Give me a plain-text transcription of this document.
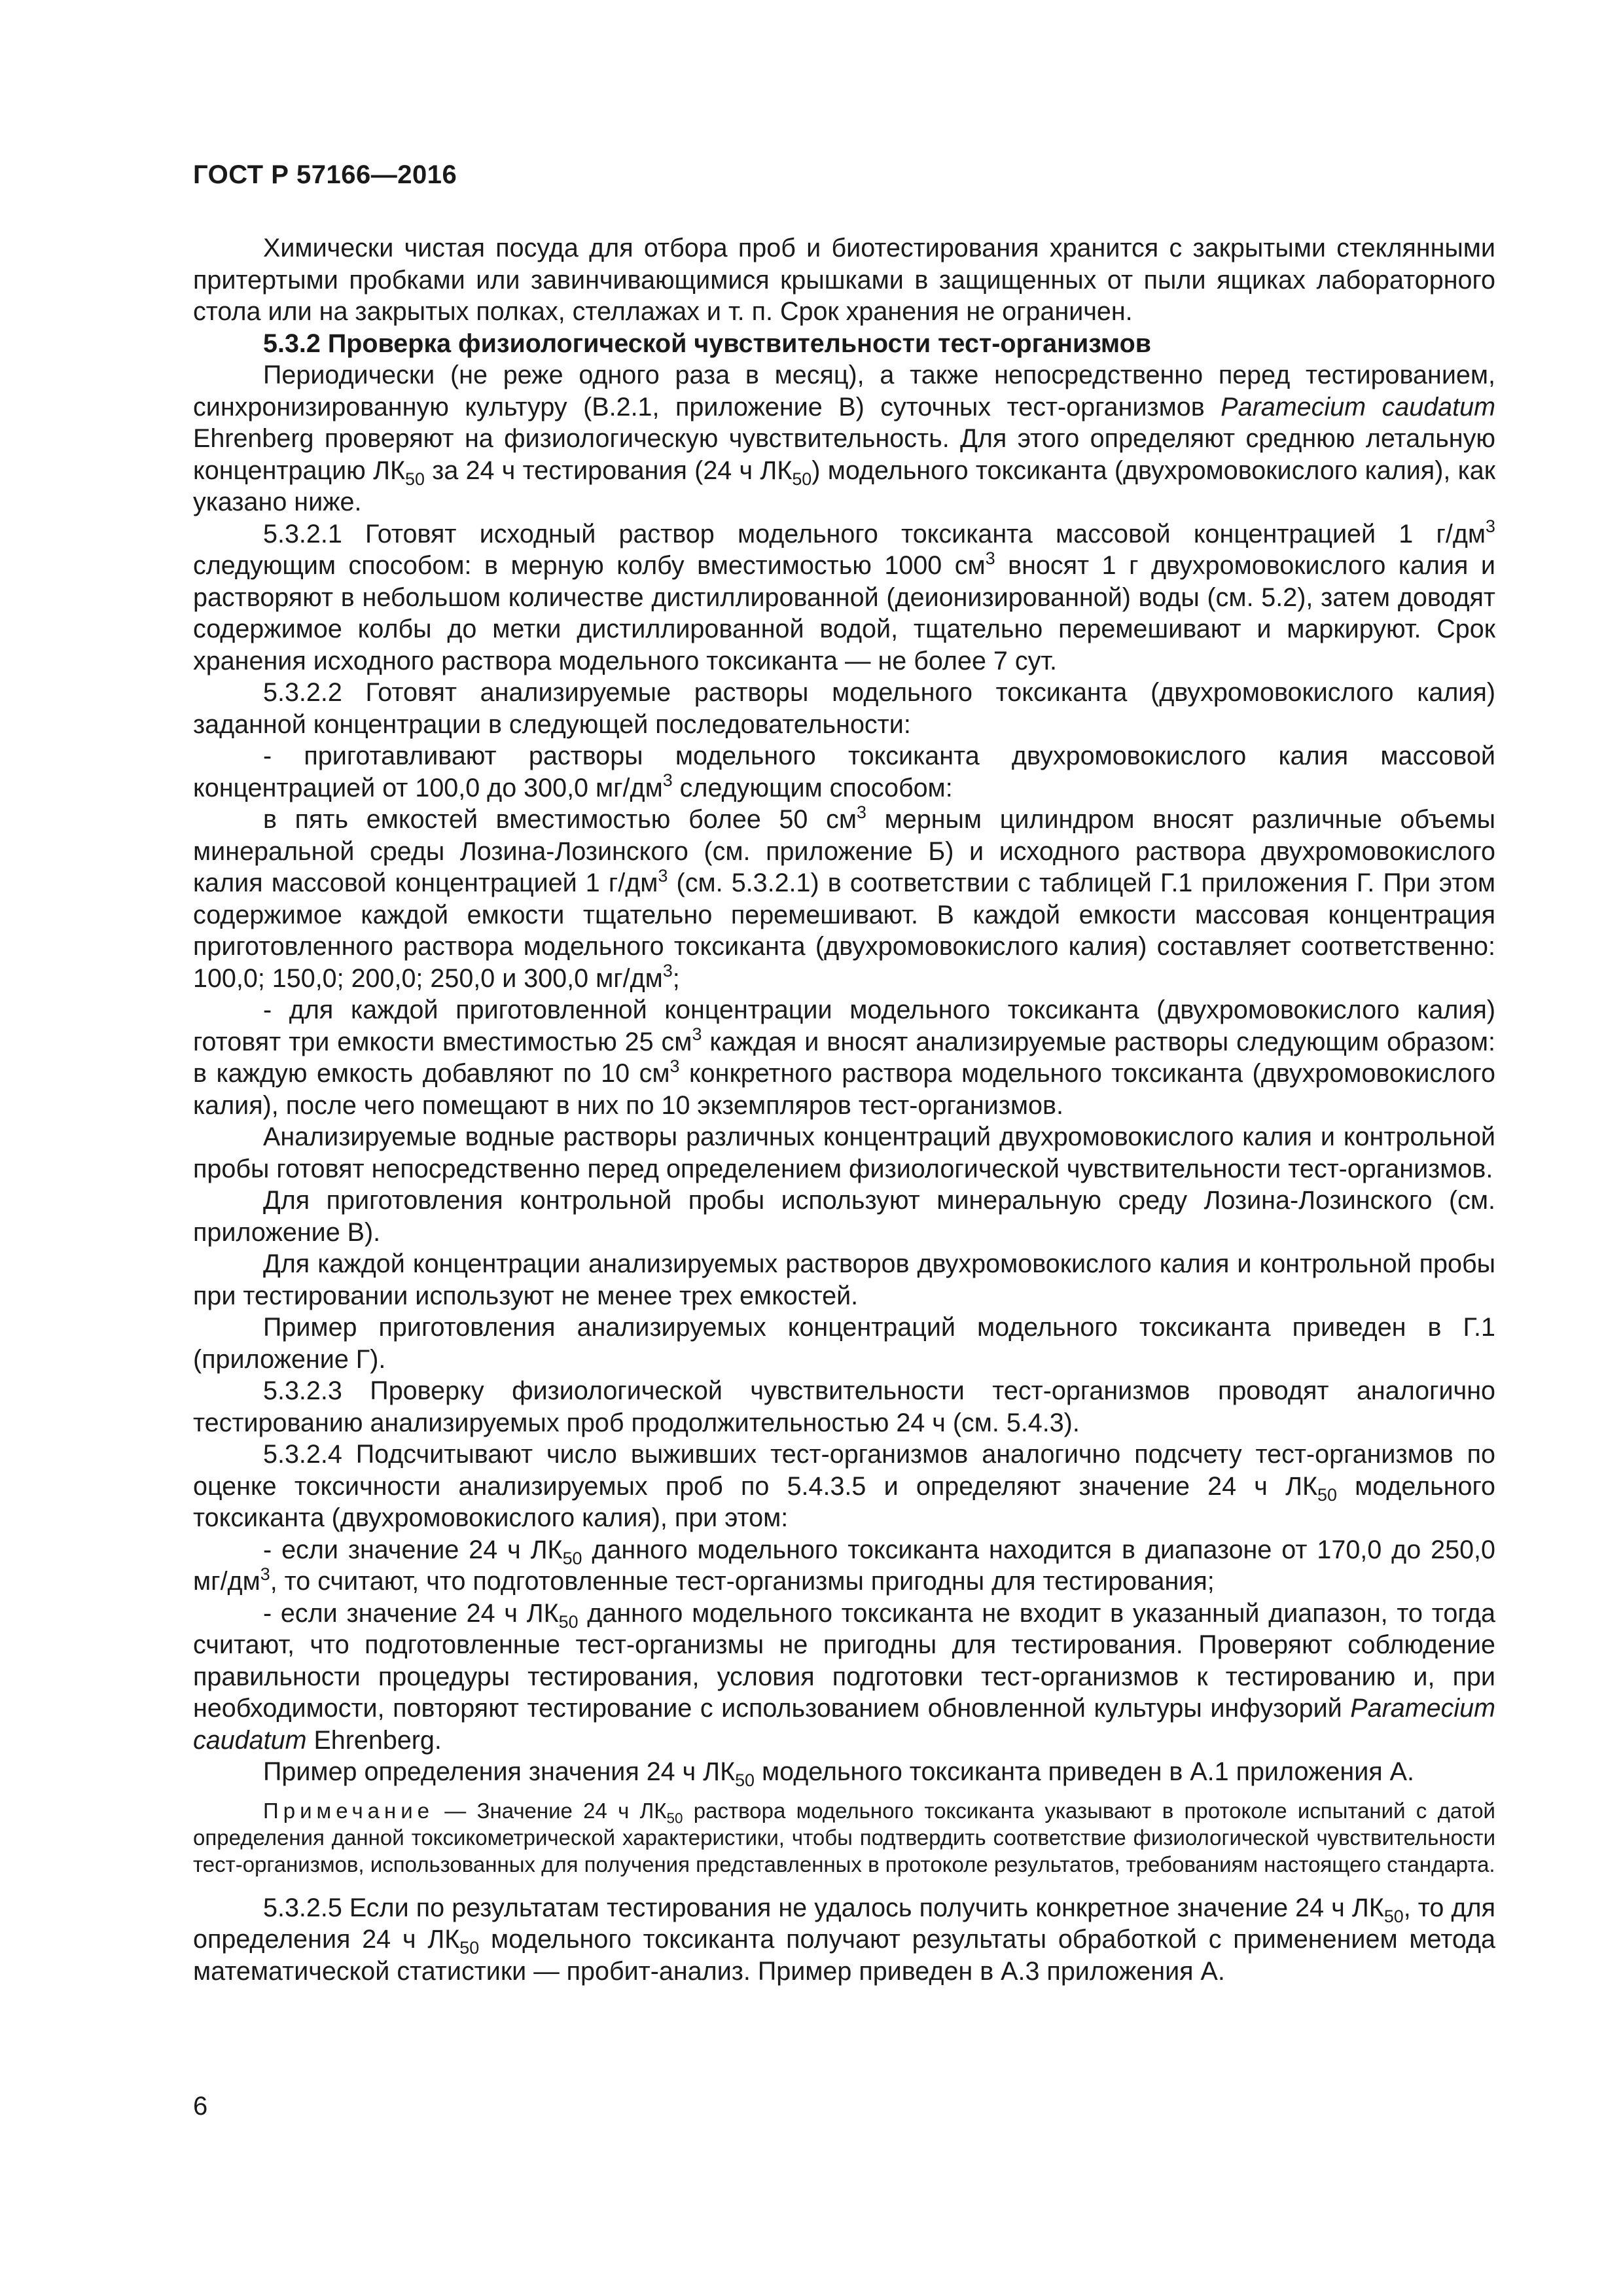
ГОСТ Р 57166—2016

Химически чистая посуда для отбора проб и биотестирования хранится с закрытыми стеклянными притертыми пробками или завинчивающимися крышками в защищенных от пыли ящиках лабораторного стола или на закрытых полках, стеллажах и т. п. Срок хранения не ограничен.

5.3.2 Проверка физиологической чувствительности тест-организмов

Периодически (не реже одного раза в месяц), а также непосредственно перед тестированием, синхронизированную культуру (В.2.1, приложение В) суточных тест-организмов Paramecium caudatum Ehrenberg проверяют на физиологическую чувствительность. Для этого определяют среднюю летальную концентрацию $ЛК_{50}$ за 24 ч тестирования (24 ч $ЛК_{50}$) модельного токсиканта (двухромовокислого калия), как указано ниже.

5.3.2.1 Готовят исходный раствор модельного токсиканта массовой концентрацией 1 $г/дм^3$ следующим способом: в мерную колбу вместимостью 1000 $см^3$ вносят 1 г двухромовокислого калия и растворяют в небольшом количестве дистиллированной (деионизированной) воды (см. 5.2), затем доводят содержимое колбы до метки дистиллированной водой, тщательно перемешивают и маркируют. Срок хранения исходного раствора модельного токсиканта — не более 7 сут.

5.3.2.2 Готовят анализируемые растворы модельного токсиканта (двухромовокислого калия) заданной концентрации в следующей последовательности:

- приготавливают растворы модельного токсиканта двухромовокислого калия массовой концентрацией от 100,0 до 300,0 $мг/дм^3$ следующим способом:

в пять емкостей вместимостью более 50 $см^3$ мерным цилиндром вносят различные объемы минеральной среды Лозина-Лозинского (см. приложение Б) и исходного раствора двухромовокислого калия массовой концентрацией 1 $г/дм^3$ (см. 5.3.2.1) в соответствии с таблицей Г.1 приложения Г. При этом содержимое каждой емкости тщательно перемешивают. В каждой емкости массовая концентрация приготовленного раствора модельного токсиканта (двухромовокислого калия) составляет соответственно: 100,0; 150,0; 200,0; 250,0 и 300,0 $мг/дм^3$;

- для каждой приготовленной концентрации модельного токсиканта (двухромовокислого калия) готовят три емкости вместимостью 25 $см^3$ каждая и вносят анализируемые растворы следующим образом: в каждую емкость добавляют по 10 $см^3$ конкретного раствора модельного токсиканта (двухромовокислого калия), после чего помещают в них по 10 экземпляров тест-организмов.

Анализируемые водные растворы различных концентраций двухромовокислого калия и контрольной пробы готовят непосредственно перед определением физиологической чувствительности тест-организмов.

Для приготовления контрольной пробы используют минеральную среду Лозина-Лозинского (см. приложение В).

Для каждой концентрации анализируемых растворов двухромовокислого калия и контрольной пробы при тестировании используют не менее трех емкостей.

Пример приготовления анализируемых концентраций модельного токсиканта приведен в Г.1 (приложение Г).

5.3.2.3 Проверку физиологической чувствительности тест-организмов проводят аналогично тестированию анализируемых проб продолжительностью 24 ч (см. 5.4.3).

5.3.2.4 Подсчитывают число выживших тест-организмов аналогично подсчету тест-организмов по оценке токсичности анализируемых проб по 5.4.3.5 и определяют значение 24 ч $ЛК_{50}$ модельного токсиканта (двухромовокислого калия), при этом:

- если значение 24 ч $ЛК_{50}$ данного модельного токсиканта находится в диапазоне от 170,0 до 250,0 $мг/дм^3$, то считают, что подготовленные тест-организмы пригодны для тестирования;

- если значение 24 ч $ЛК_{50}$ данного модельного токсиканта не входит в указанный диапазон, то тогда считают, что подготовленные тест-организмы не пригодны для тестирования. Проверяют соблюдение правильности процедуры тестирования, условия подготовки тест-организмов к тестированию и, при необходимости, повторяют тестирование с использованием обновленной культуры инфузорий Paramecium caudatum Ehrenberg.

Пример определения значения 24 ч $ЛК_{50}$ модельного токсиканта приведен в А.1 приложения А.

Примечание — Значение 24 ч $ЛК_{50}$ раствора модельного токсиканта указывают в протоколе испытаний с датой определения данной токсикометрической характеристики, чтобы подтвердить соответствие физиологической чувствительности тест-организмов, использованных для получения представленных в протоколе результатов, требованиям настоящего стандарта.

5.3.2.5 Если по результатам тестирования не удалось получить конкретное значение 24 ч $ЛК_{50}$, то для определения 24 ч $ЛК_{50}$ модельного токсиканта получают результаты обработкой с применением метода математической статистики — пробит-анализ. Пример приведен в А.3 приложения А.

6
